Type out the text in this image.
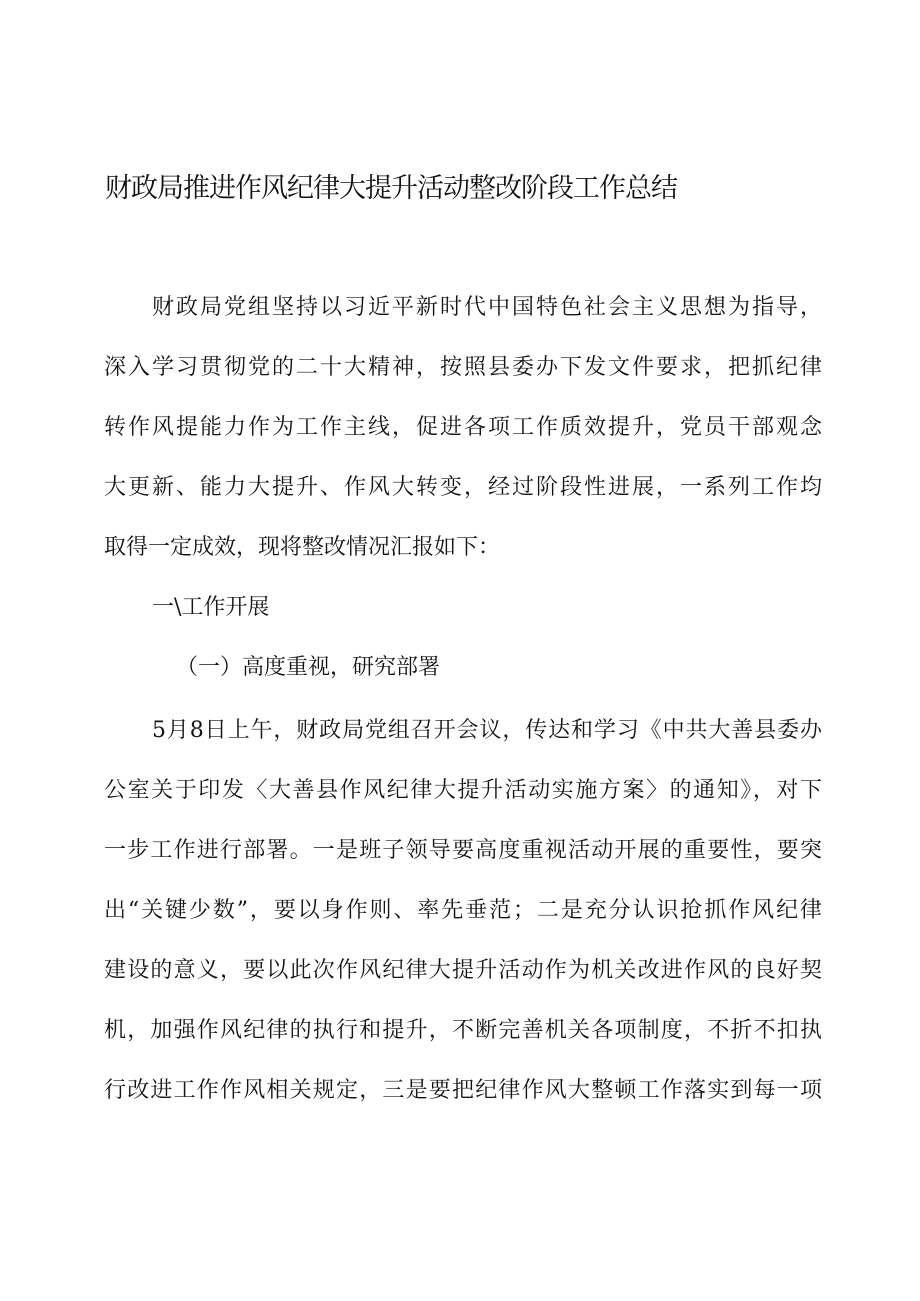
财政局推进作风纪律大提升活动整改阶段工作总结
财政局党组坚持以习近平新时代中国特色社会主义思想为指导，
深入学习贯彻党的二十大精神，按照县委办下发文件要求，把抓纪律
转作风提能力作为工作主线，促进各项工作质效提升，党员干部观念
大更新、能力大提升、作风大转变，经过阶段性进展，一系列工作均
取得一定成效，现将整改情况汇报如下：
一\工作开展
（一）高度重视，研究部署
5月8日上午，财政局党组召开会议，传达和学习《中共大善县委办
公室关于印发〈大善县作风纪律大提升活动实施方案〉的通知》，对下
一步工作进行部署。一是班子领导要高度重视活动开展的重要性，要突
出“关键少数”，要以身作则、率先垂范；二是充分认识抢抓作风纪律
建设的意义，要以此次作风纪律大提升活动作为机关改进作风的良好契
机，加强作风纪律的执行和提升，不断完善机关各项制度，不折不扣执
行改进工作作风相关规定，三是要把纪律作风大整顿工作落实到每一项
